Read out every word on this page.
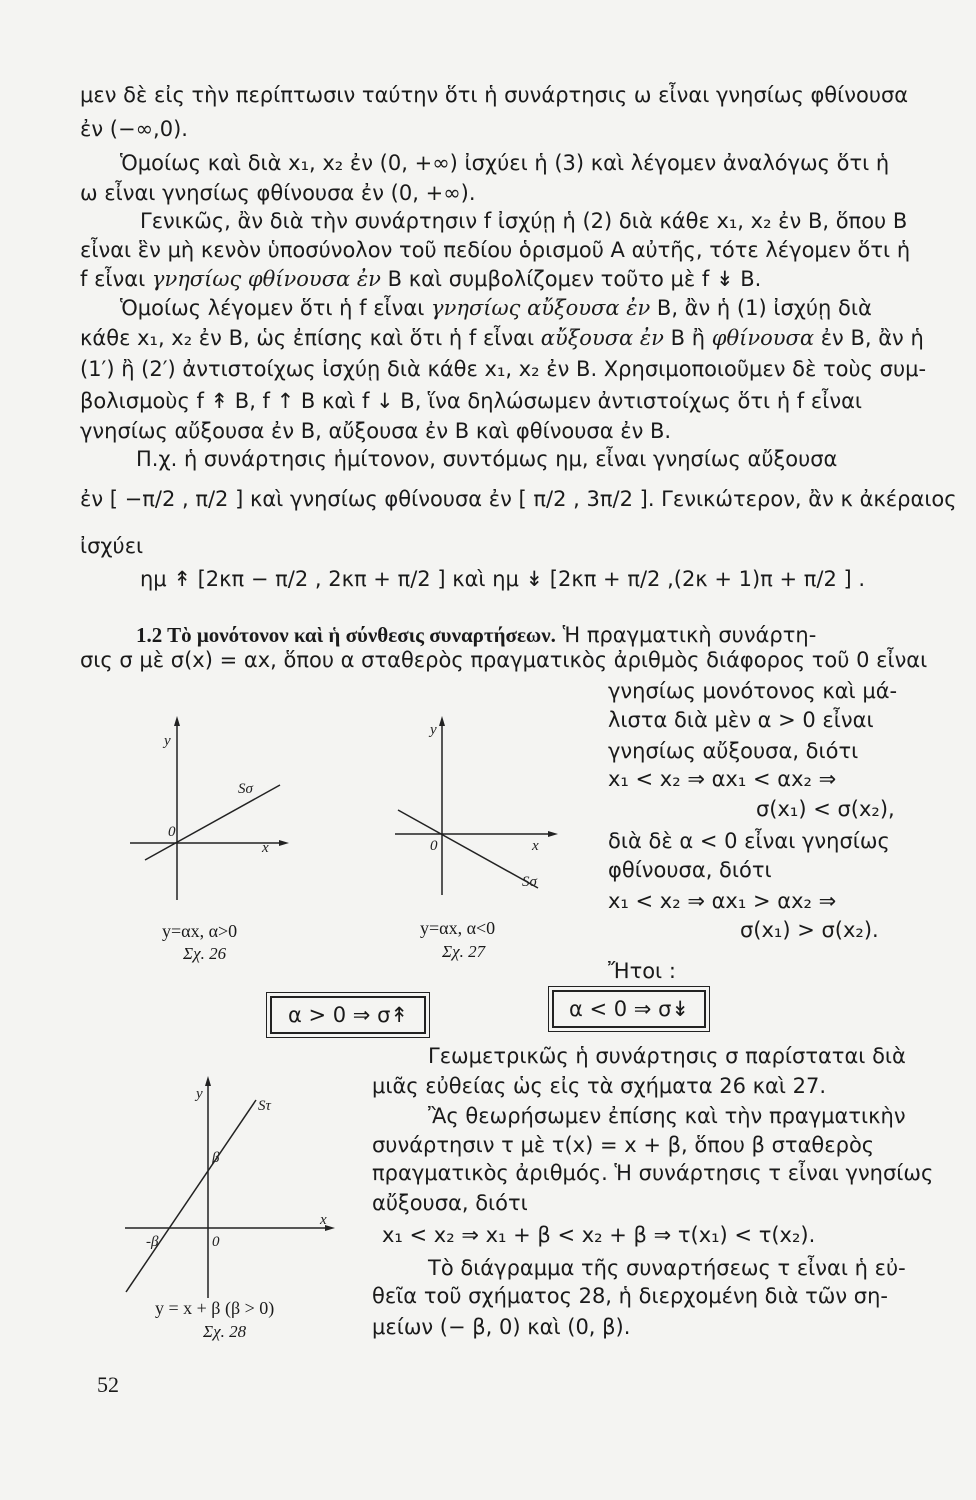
μεν δὲ εἰς τὴν περίπτωσιν ταύτην ὅτι ἡ συνάρτησις ω εἶναι γνησίως φθίνουσα
ἐν (−∞,0).
Ὁμοίως καὶ διὰ x₁, x₂ ἐν (0, +∞) ἰσχύει ἡ (3) καὶ λέγομεν ἀναλόγως ὅτι ἡ
ω εἶναι γνησίως φθίνουσα ἐν (0, +∞).
Γενικῶς, ἂν διὰ τὴν συνάρτησιν f ἰσχύῃ ἡ (2) διὰ κάθε x₁, x₂ ἐν B, ὅπου B
εἶναι ἓν μὴ κενὸν ὑποσύνολον τοῦ πεδίου ὁρισμοῦ A αὐτῆς, τότε λέγομεν ὅτι ἡ
f εἶναι γνησίως φθίνουσα ἐν B καὶ συμβολίζομεν τοῦτο μὲ f ↡ B.
Ὁμοίως λέγομεν ὅτι ἡ f εἶναι γνησίως αὔξουσα ἐν B, ἂν ἡ (1) ἰσχύῃ διὰ
κάθε x₁, x₂ ἐν B, ὡς ἐπίσης καὶ ὅτι ἡ f εἶναι αὔξουσα ἐν B ἢ φθίνουσα ἐν B, ἂν ἡ
(1′) ἢ (2′) ἀντιστοίχως ἰσχύῃ διὰ κάθε x₁, x₂ ἐν B. Χρησιμοποιοῦμεν δὲ τοὺς συμ-
βολισμοὺς f ↟ B, f ↑ B καὶ f ↓ B, ἵνα δηλώσωμεν ἀντιστοίχως ὅτι ἡ f εἶναι
γνησίως αὔξουσα ἐν B, αὔξουσα ἐν B καὶ φθίνουσα ἐν B.
Π.χ. ἡ συνάρτησις ἡμίτονον, συντόμως ημ, εἶναι γνησίως αὔξουσα
ἐν [ −π/2 , π/2 ] καὶ γνησίως φθίνουσα ἐν [ π/2 , 3π/2 ]. Γενικώτερον, ἂν κ ἀκέραιος
ἰσχύει
ημ ↟ [2κπ − π/2 , 2κπ + π/2 ] καὶ ημ ↡ [2κπ + π/2 ,(2κ + 1)π + π/2 ] .
1.2 Τὸ μονότονον καὶ ἡ σύνθεσις συναρτήσεων. Ἡ πραγματικὴ συνάρτη-
σις σ μὲ σ(x) = αx, ὅπου α σταθερὸς πραγματικὸς ἀριθμὸς διάφορος τοῦ 0 εἶναι
γνησίως μονότονος καὶ μά-
λιστα διὰ μὲν α > 0 εἶναι
γνησίως αὔξουσα, διότι
x₁ < x₂ ⇒ αx₁ < αx₂ ⇒
σ(x₁) < σ(x₂),
διὰ δὲ α < 0 εἶναι γνησίως
φθίνουσα, διότι
x₁ < x₂ ⇒ αx₁ > αx₂ ⇒
σ(x₁) > σ(x₂).
Ἤτοι :
y
x
0
Sσ
y
x
0
Sσ
y=αx, α>0
Σχ. 26
y=αx, α<0
Σχ. 27
α > 0 ⇒ σ↟	α < 0 ⇒ σ↡
Γεωμετρικῶς ἡ συνάρτησις σ παρίσταται διὰ
μιᾶς εὐθείας ὡς εἰς τὰ σχήματα 26 καὶ 27.
Ἂς θεωρήσωμεν ἐπίσης καὶ τὴν πραγματικὴν
συνάρτησιν τ μὲ τ(x) = x + β, ὅπου β σταθερὸς
πραγματικὸς ἀριθμός. Ἡ συνάρτησις τ εἶναι γνησίως
αὔξουσα, διότι
x₁ < x₂ ⇒ x₁ + β < x₂ + β ⇒ τ(x₁) < τ(x₂).
Τὸ διάγραμμα τῆς συναρτήσεως τ εἶναι ἡ εὐ-
θεῖα τοῦ σχήματος 28, ἡ διερχομένη διὰ τῶν ση-
μείων (− β, 0) καὶ (0, β).
y
x
0
Sτ
β
-β
y = x + β (β > 0)
Σχ. 28
52
